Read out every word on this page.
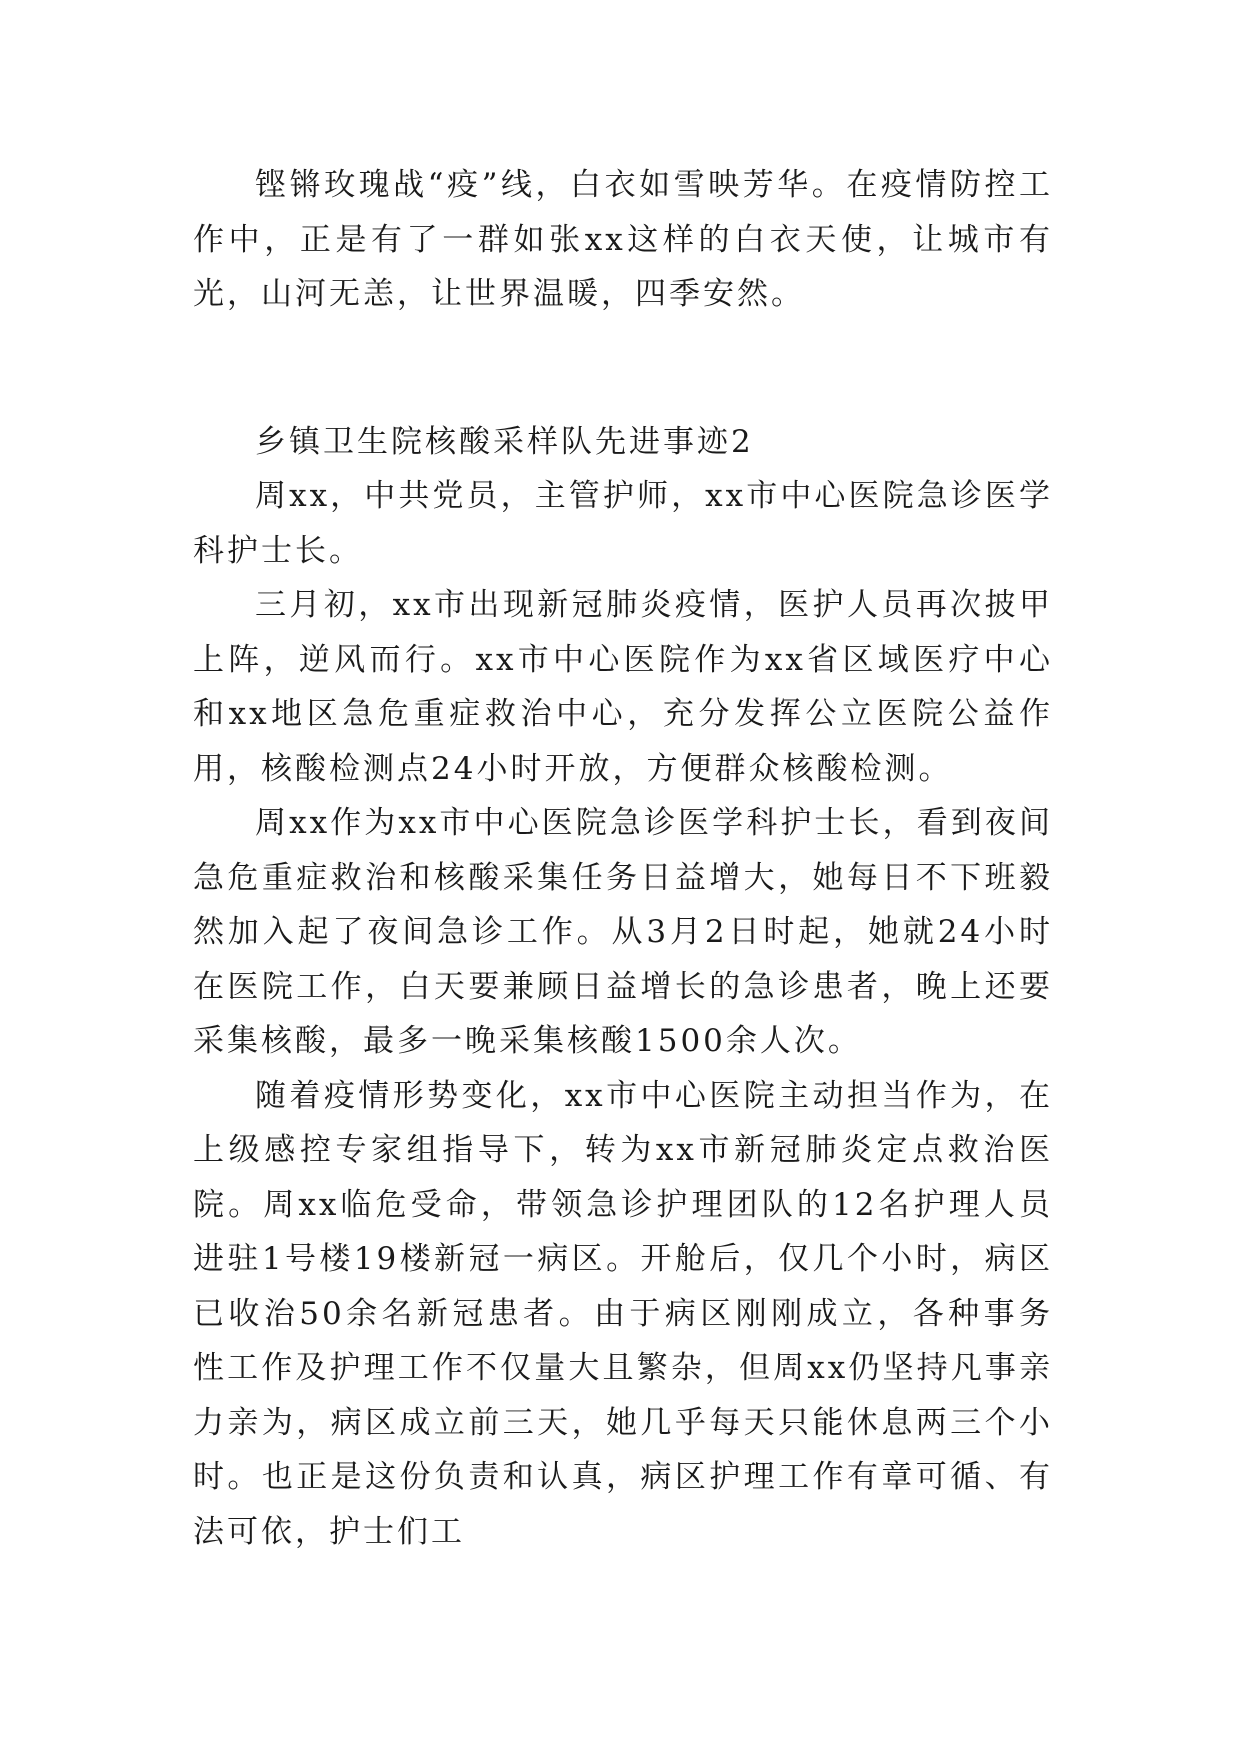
铿锵玫瑰战“疫”线，白衣如雪映芳华。在疫情防控工作中，正是有了一群如张xx这样的白衣天使，让城市有光，山河无恙，让世界温暖，四季安然。

乡镇卫生院核酸采样队先进事迹2

周xx，中共党员，主管护师，xx市中心医院急诊医学科护士长。

三月初，xx市出现新冠肺炎疫情，医护人员再次披甲上阵，逆风而行。xx市中心医院作为xx省区域医疗中心和xx地区急危重症救治中心，充分发挥公立医院公益作用，核酸检测点24小时开放，方便群众核酸检测。

周xx作为xx市中心医院急诊医学科护士长，看到夜间急危重症救治和核酸采集任务日益增大，她每日不下班毅然加入起了夜间急诊工作。从3月2日时起，她就24小时在医院工作，白天要兼顾日益增长的急诊患者，晚上还要采集核酸，最多一晚采集核酸1500余人次。

随着疫情形势变化，xx市中心医院主动担当作为，在上级感控专家组指导下，转为xx市新冠肺炎定点救治医院。周xx临危受命，带领急诊护理团队的12名护理人员进驻1号楼19楼新冠一病区。开舱后，仅几个小时，病区已收治50余名新冠患者。由于病区刚刚成立，各种事务性工作及护理工作不仅量大且繁杂，但周xx仍坚持凡事亲力亲为，病区成立前三天，她几乎每天只能休息两三个小时。也正是这份负责和认真，病区护理工作有章可循、有法可依，护士们工
